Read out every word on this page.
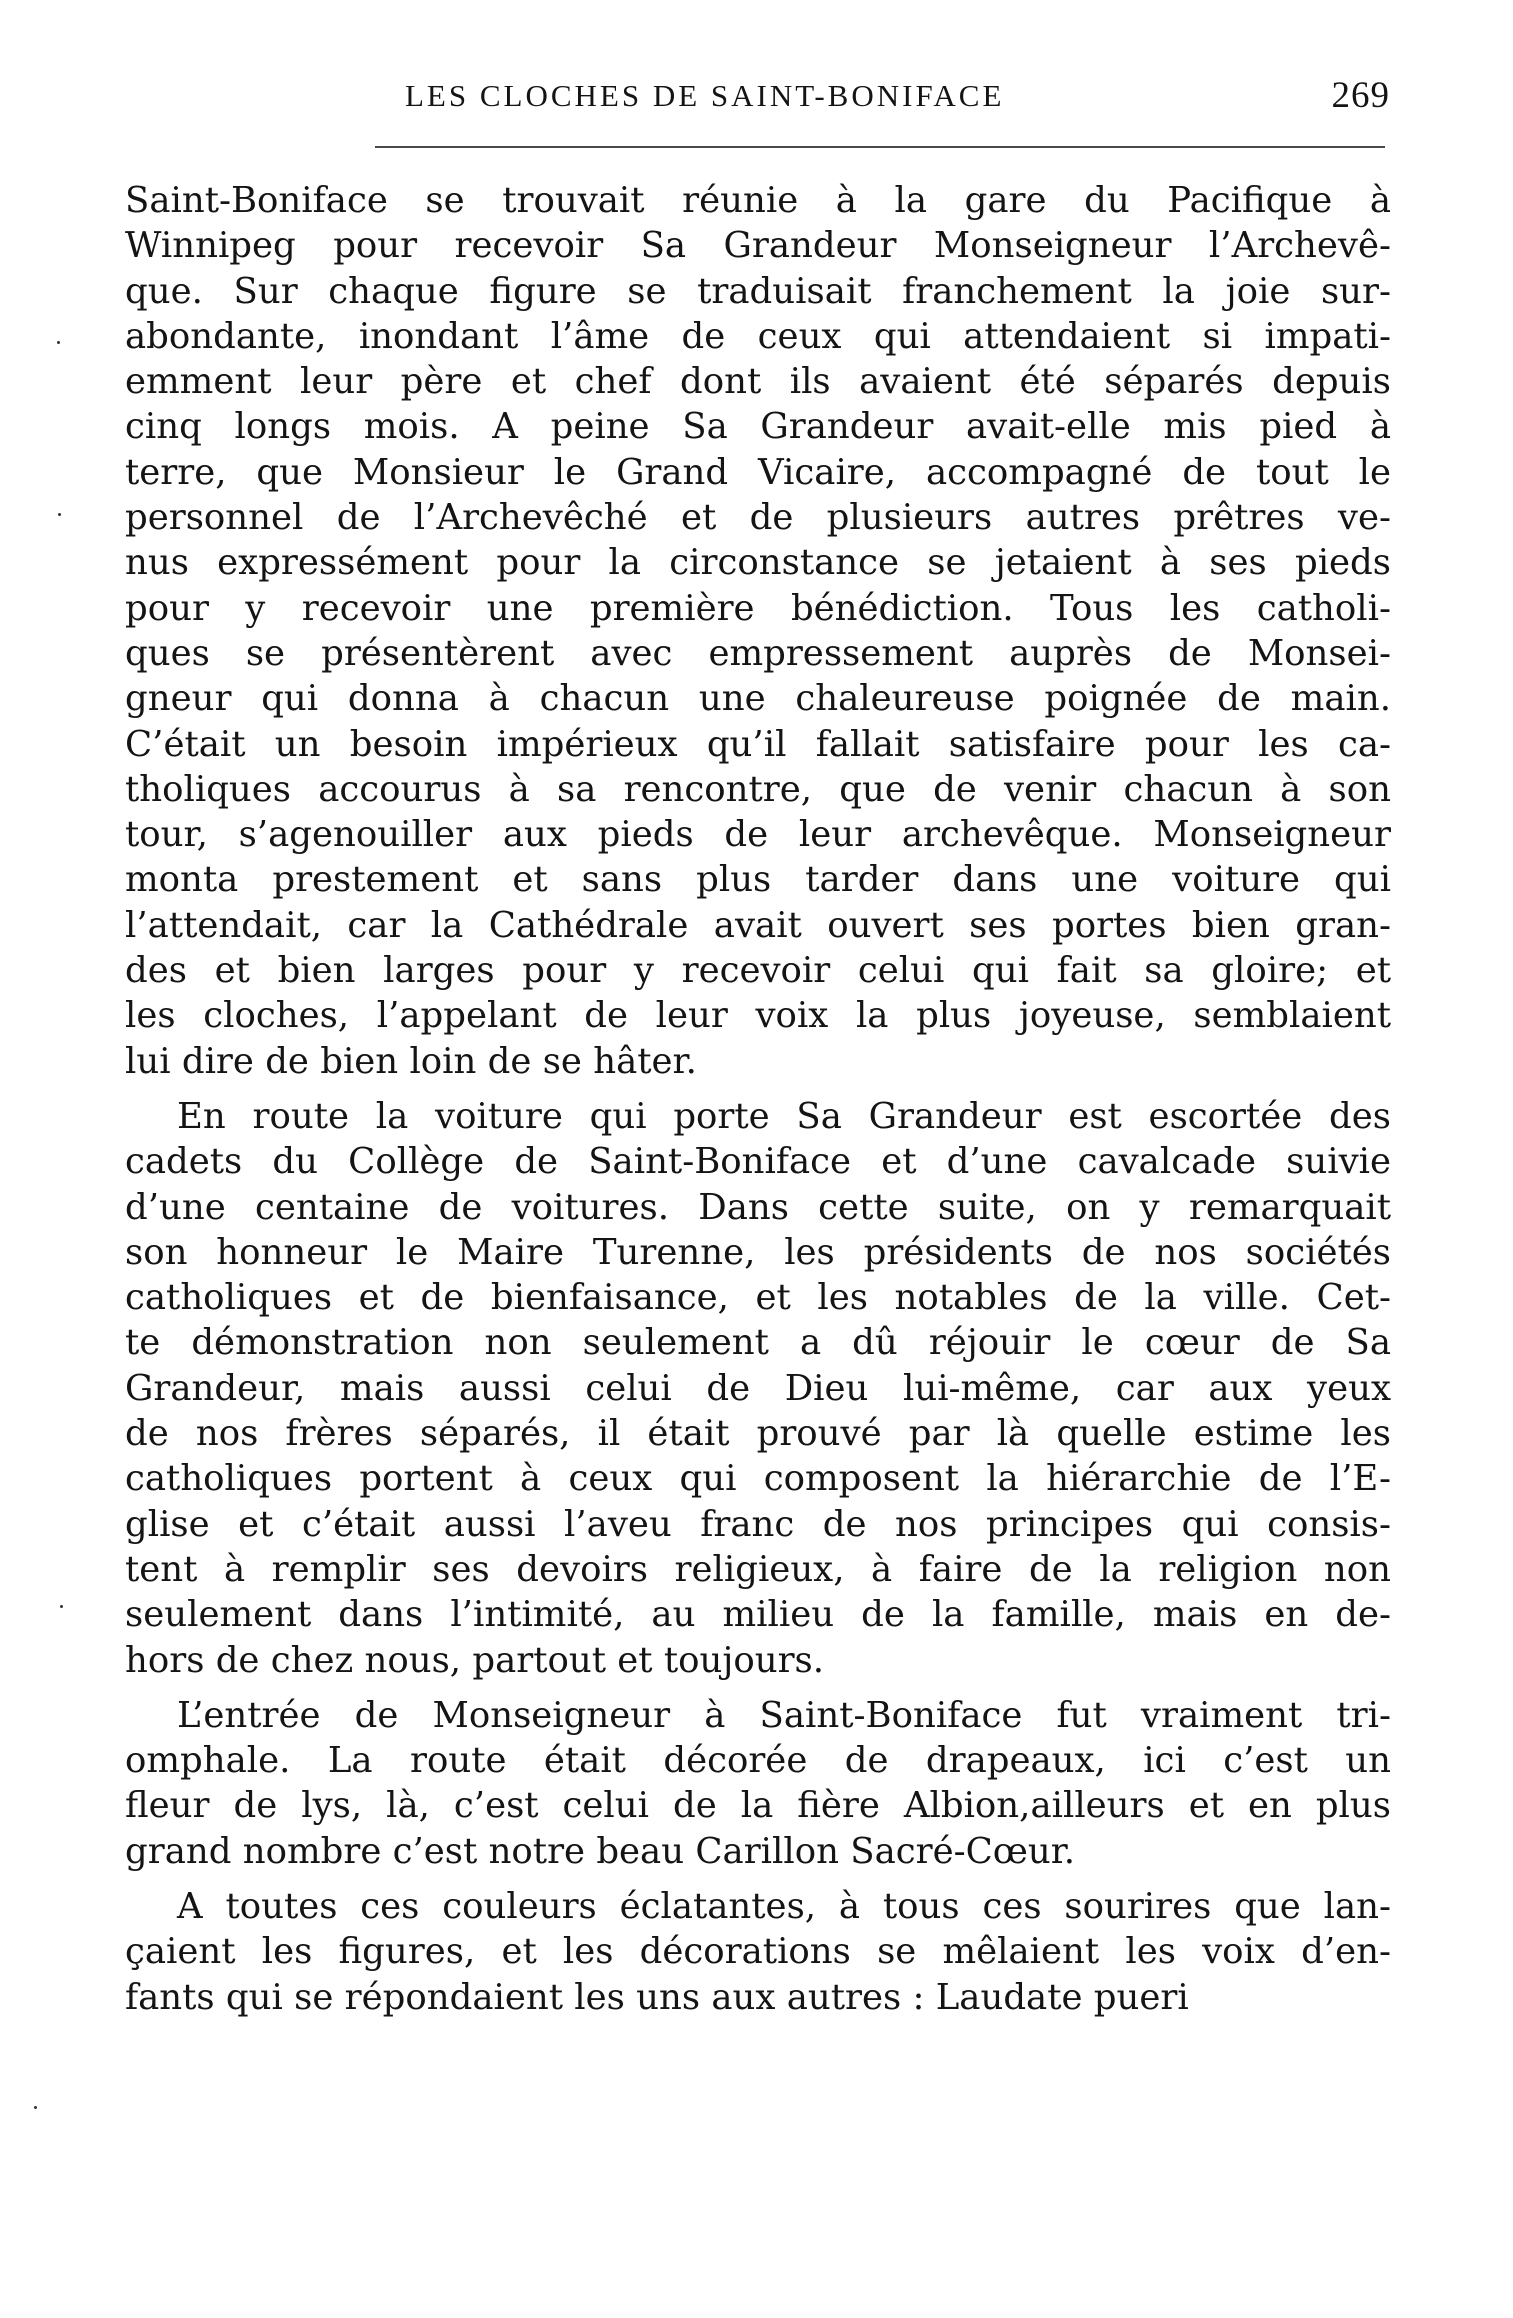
LES CLOCHES DE SAINT-BONIFACE	269
Saint-Boniface se trouvait réunie à la gare du Pacifique à
Winnipeg pour recevoir Sa Grandeur Monseigneur l’Archevê-
que. Sur chaque figure se traduisait franchement la joie sur-
abondante, inondant l’âme de ceux qui attendaient si impati-
emment leur père et chef dont ils avaient été séparés depuis
cinq longs mois. A peine Sa Grandeur avait-elle mis pied à
terre, que Monsieur le Grand Vicaire, accompagné de tout le
personnel de l’Archevêché et de plusieurs autres prêtres ve-
nus expressément pour la circonstance se jetaient à ses pieds
pour y recevoir une première bénédiction. Tous les catholi-
ques se présentèrent avec empressement auprès de Monsei-
gneur qui donna à chacun une chaleureuse poignée de main.
C’était un besoin impérieux qu’il fallait satisfaire pour les ca-
tholiques accourus à sa rencontre, que de venir chacun à son
tour, s’agenouiller aux pieds de leur archevêque. Monseigneur
monta prestement et sans plus tarder dans une voiture qui
l’attendait, car la Cathédrale avait ouvert ses portes bien gran-
des et bien larges pour y recevoir celui qui fait sa gloire; et
les cloches, l’appelant de leur voix la plus joyeuse, semblaient
lui dire de bien loin de se hâter.
En route la voiture qui porte Sa Grandeur est escortée des
cadets du Collège de Saint-Boniface et d’une cavalcade suivie
d’une centaine de voitures. Dans cette suite, on y remarquait
son honneur le Maire Turenne, les présidents de nos sociétés
catholiques et de bienfaisance, et les notables de la ville. Cet-
te démonstration non seulement a dû réjouir le cœur de Sa
Grandeur, mais aussi celui de Dieu lui-même, car aux yeux
de nos frères séparés, il était prouvé par là quelle estime les
catholiques portent à ceux qui composent la hiérarchie de l’E-
glise et c’était aussi l’aveu franc de nos principes qui consis-
tent à remplir ses devoirs religieux, à faire de la religion non
seulement dans l’intimité, au milieu de la famille, mais en de-
hors de chez nous, partout et toujours.
L’entrée de Monseigneur à Saint-Boniface fut vraiment tri-
omphale. La route était décorée de drapeaux, ici c’est un
fleur de lys, là, c’est celui de la fière Albion,ailleurs et en plus
grand nombre c’est notre beau Carillon Sacré-Cœur.
A toutes ces couleurs éclatantes, à tous ces sourires que lan-
çaient les figures, et les décorations se mêlaient les voix d’en-
fants qui se répondaient les uns aux autres : Laudate pueri
